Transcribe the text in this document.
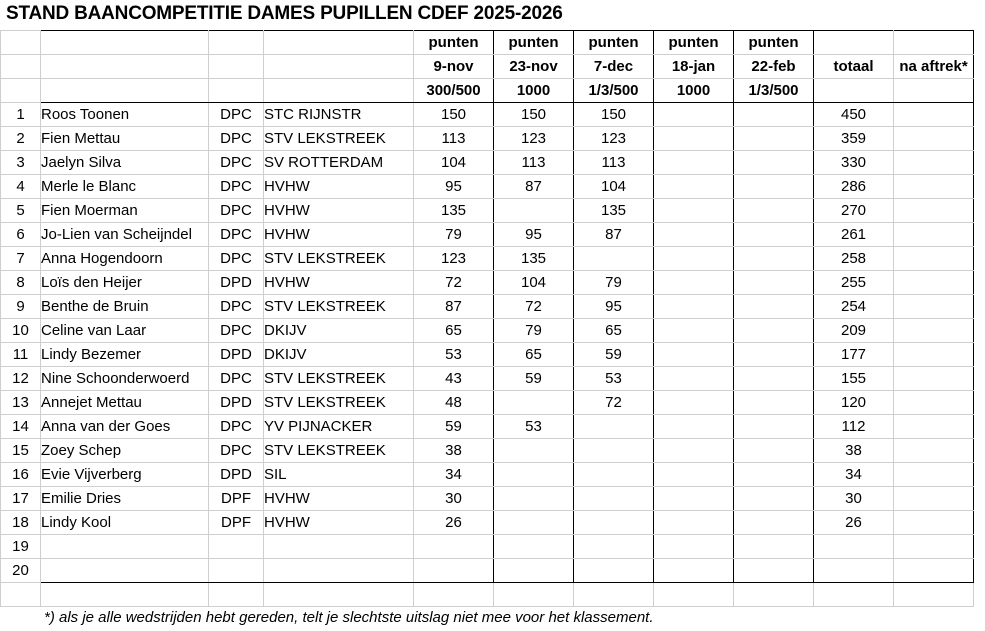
STAND BAANCOMPETITIE DAMES PUPILLEN CDEF 2025-2026
				punten	punten	punten	punten	punten		
				9-nov	23-nov	7-dec	18-jan	22-feb	totaal	na aftrek*
				300/500	1000	1/3/500	1000	1/3/500		
1	Roos Toonen	DPC	STC RIJNSTR	150	150	150			450	
2	Fien Mettau	DPC	STV LEKSTREEK	113	123	123			359	
3	Jaelyn Silva	DPC	SV ROTTERDAM	104	113	113			330	
4	Merle le Blanc	DPC	HVHW	95	87	104			286	
5	Fien Moerman	DPC	HVHW	135		135			270	
6	Jo-Lien van Scheijndel	DPC	HVHW	79	95	87			261	
7	Anna Hogendoorn	DPC	STV LEKSTREEK	123	135				258	
8	Loïs den Heijer	DPD	HVHW	72	104	79			255	
9	Benthe de Bruin	DPC	STV LEKSTREEK	87	72	95			254	
10	Celine van Laar	DPC	DKIJV	65	79	65			209	
11	Lindy Bezemer	DPD	DKIJV	53	65	59			177	
12	Nine Schoonderwoerd	DPC	STV LEKSTREEK	43	59	53			155	
13	Annejet Mettau	DPD	STV LEKSTREEK	48		72			120	
14	Anna van der Goes	DPC	YV PIJNACKER	59	53				112	
15	Zoey Schep	DPC	STV LEKSTREEK	38					38	
16	Evie Vijverberg	DPD	SIL	34					34	
17	Emilie Dries	DPF	HVHW	30					30	
18	Lindy Kool	DPF	HVHW	26					26	
19										
20										

*) als je alle wedstrijden hebt gereden, telt je slechtste uitslag niet mee voor het klassement.
